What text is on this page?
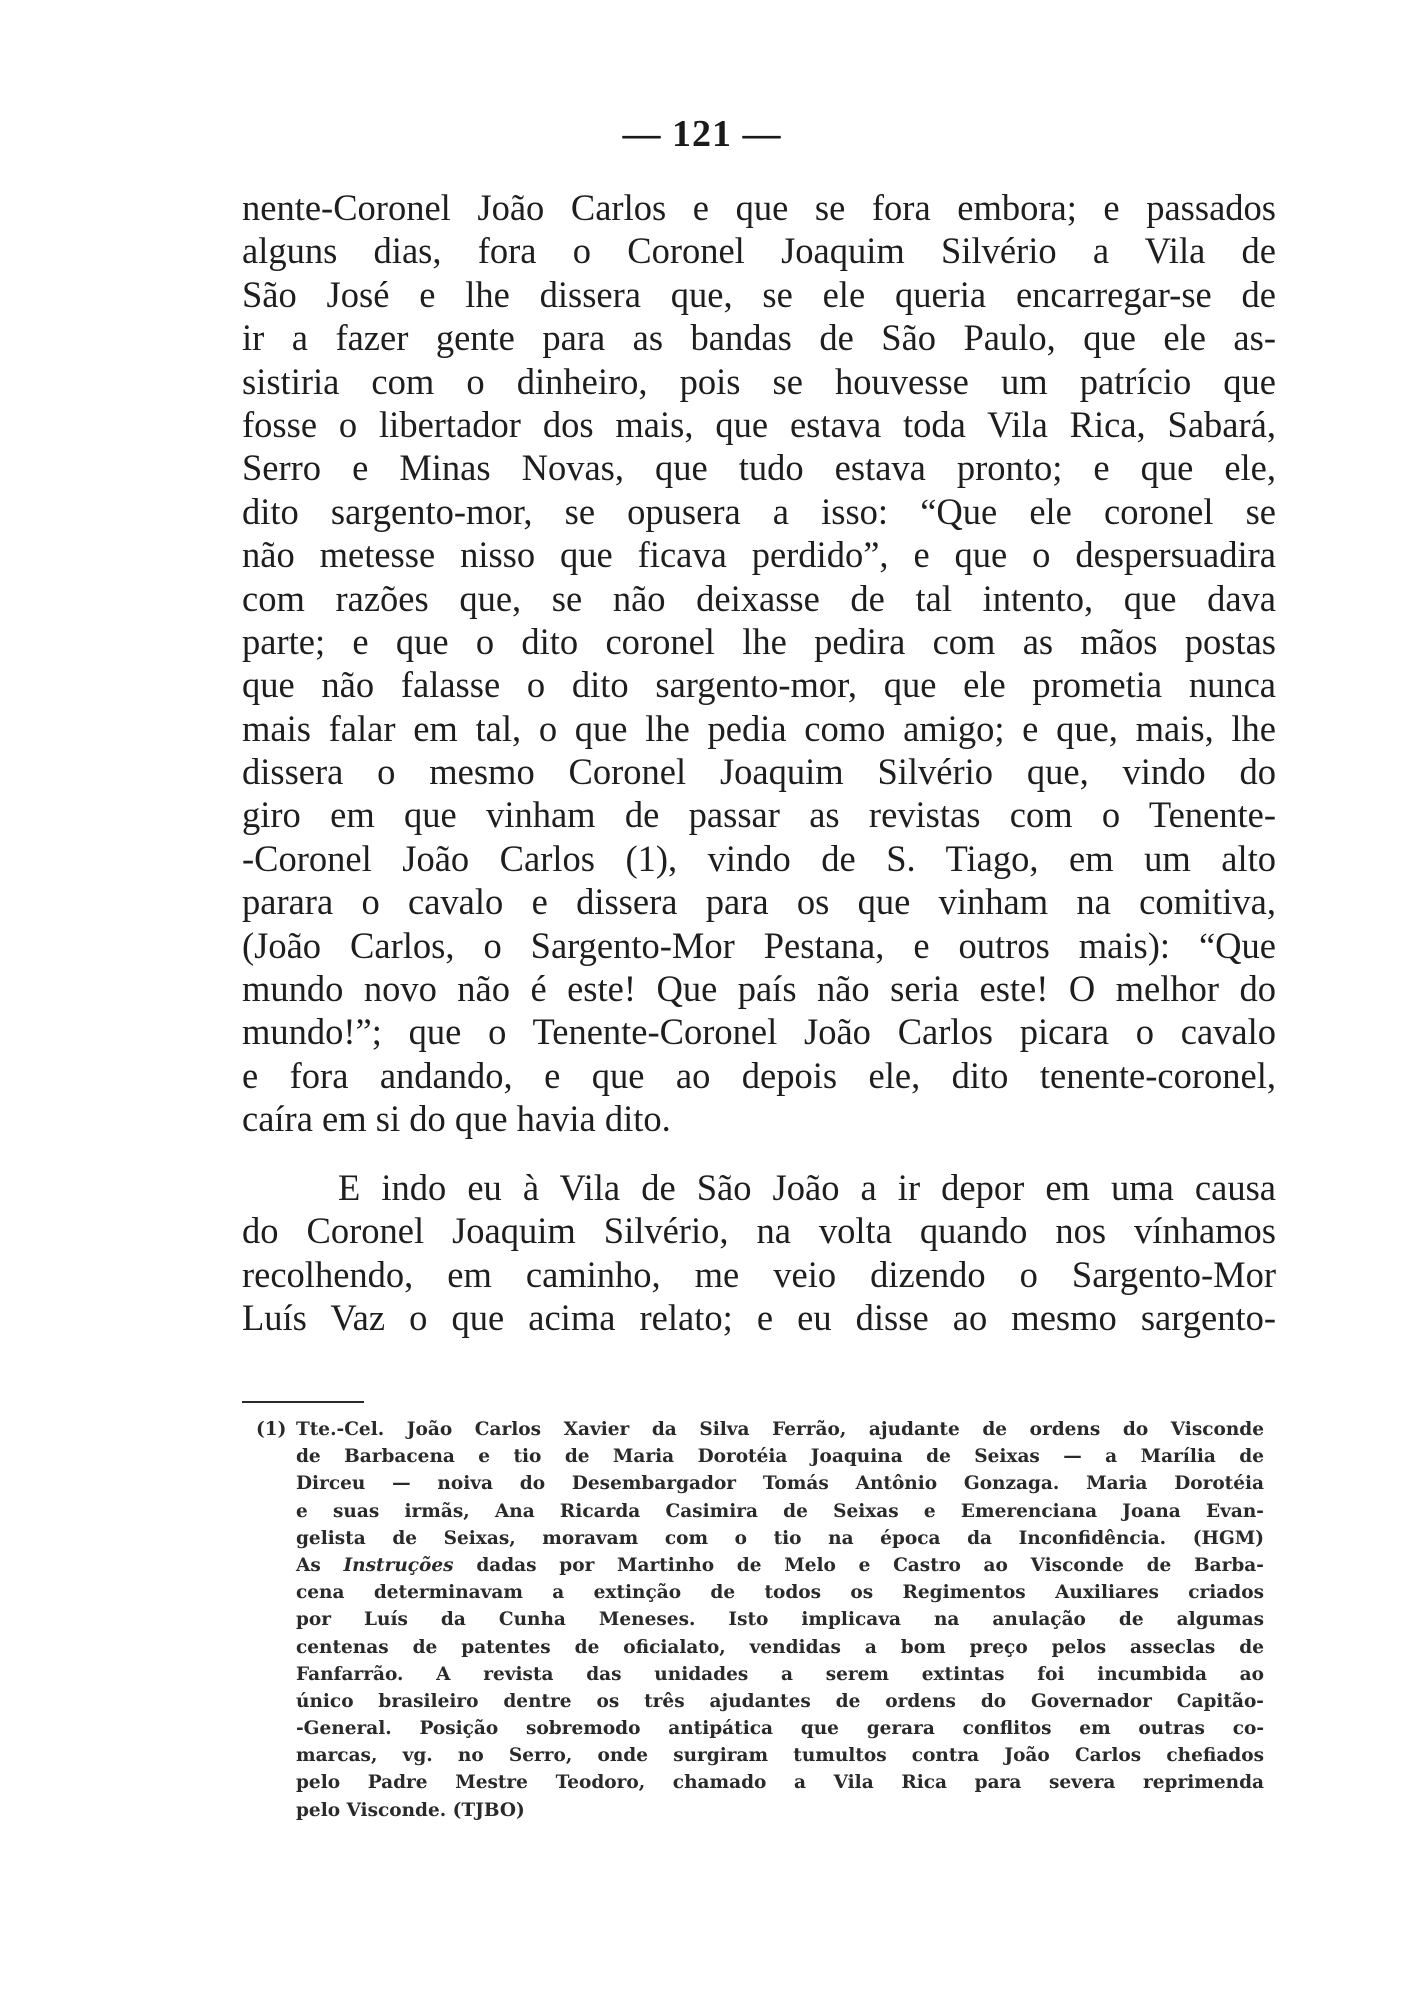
— 121 —
nente-Coronel João Carlos e que se fora embora; e passados
alguns dias, fora o Coronel Joaquim Silvério a Vila de
São José e lhe dissera que, se ele queria encarregar-se de
ir a fazer gente para as bandas de São Paulo, que ele as-
sistiria com o dinheiro, pois se houvesse um patrício que
fosse o libertador dos mais, que estava toda Vila Rica, Sabará,
Serro e Minas Novas, que tudo estava pronto; e que ele,
dito sargento-mor, se opusera a isso: “Que ele coronel se
não metesse nisso que ficava perdido”, e que o despersuadira
com razões que, se não deixasse de tal intento, que dava
parte; e que o dito coronel lhe pedira com as mãos postas
que não falasse o dito sargento-mor, que ele prometia nunca
mais falar em tal, o que lhe pedia como amigo; e que, mais, lhe
dissera o mesmo Coronel Joaquim Silvério que, vindo do
giro em que vinham de passar as revistas com o Tenente-
-Coronel João Carlos (1), vindo de S. Tiago, em um alto
parara o cavalo e dissera para os que vinham na comitiva,
(João Carlos, o Sargento-Mor Pestana, e outros mais): “Que
mundo novo não é este! Que país não seria este! O melhor do
mundo!”; que o Tenente-Coronel João Carlos picara o cavalo
e fora andando, e que ao depois ele, dito tenente-coronel,
caíra em si do que havia dito.
E indo eu à Vila de São João a ir depor em uma causa
do Coronel Joaquim Silvério, na volta quando nos vínhamos
recolhendo, em caminho, me veio dizendo o Sargento-Mor
Luís Vaz o que acima relato; e eu disse ao mesmo sargento-
(1) Tte.-Cel. João Carlos Xavier da Silva Ferrão, ajudante de ordens do Visconde
de Barbacena e tio de Maria Dorotéia Joaquina de Seixas — a Marília de
Dirceu — noiva do Desembargador Tomás Antônio Gonzaga. Maria Dorotéia
e suas irmãs, Ana Ricarda Casimira de Seixas e Emerenciana Joana Evan-
gelista de Seixas, moravam com o tio na época da Inconfidência. (HGM)
As Instruções dadas por Martinho de Melo e Castro ao Visconde de Barba-
cena determinavam a extinção de todos os Regimentos Auxiliares criados
por Luís da Cunha Meneses. Isto implicava na anulação de algumas
centenas de patentes de oficialato, vendidas a bom preço pelos asseclas de
Fanfarrão. A revista das unidades a serem extintas foi incumbida ao
único brasileiro dentre os três ajudantes de ordens do Governador Capitão-
-General. Posição sobremodo antipática que gerara conflitos em outras co-
marcas, vg. no Serro, onde surgiram tumultos contra João Carlos chefiados
pelo Padre Mestre Teodoro, chamado a Vila Rica para severa reprimenda
pelo Visconde. (TJBO)
